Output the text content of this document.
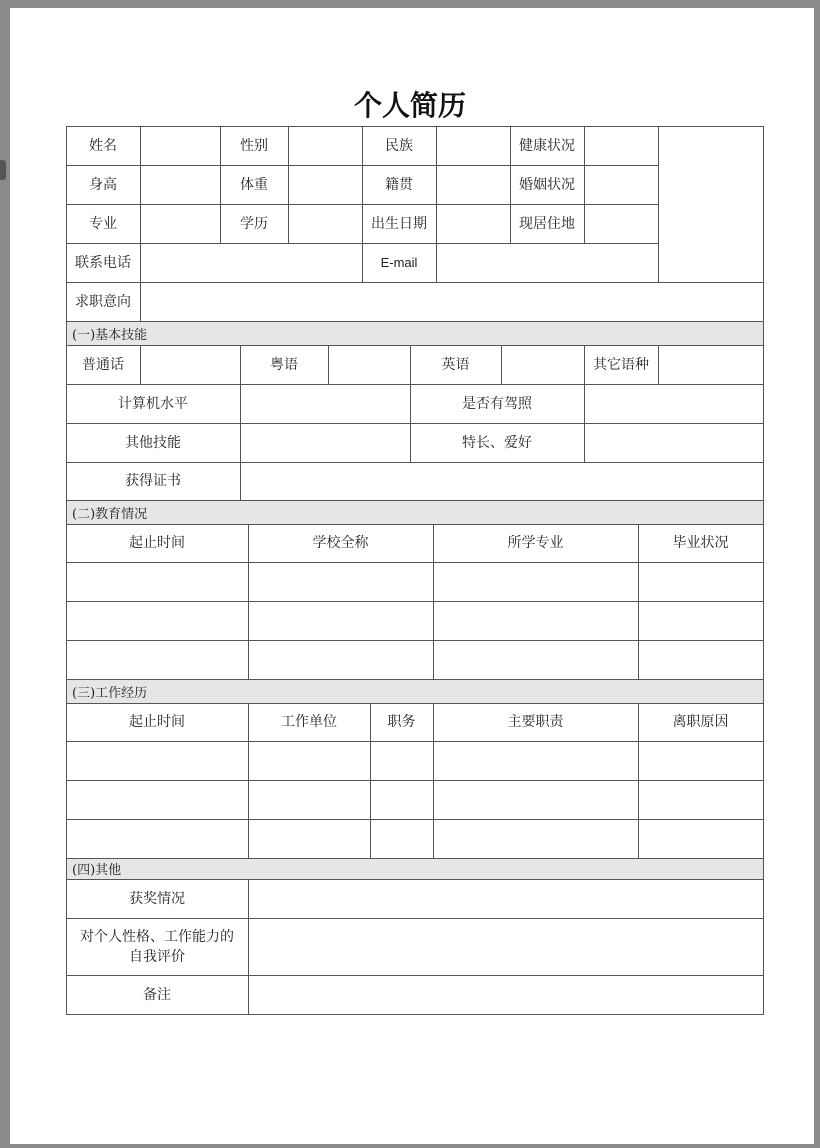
个人简历
姓名	性别	民族	健康状况
身高	体重	籍贯	婚姻状况
专业	学历	出生日期	现居住地
联系电话	E-mail
求职意向
(一)基本技能
普通话	粤语	英语	其它语种
计算机水平	是否有驾照
其他技能	特长、爱好
获得证书
(二)教育情况
起止时间	学校全称	所学专业	毕业状况
(三)工作经历
起止时间	工作单位	职务	主要职责	离职原因
(四)其他
获奖情况
对个人性格、工作能力的
自我评价
备注
